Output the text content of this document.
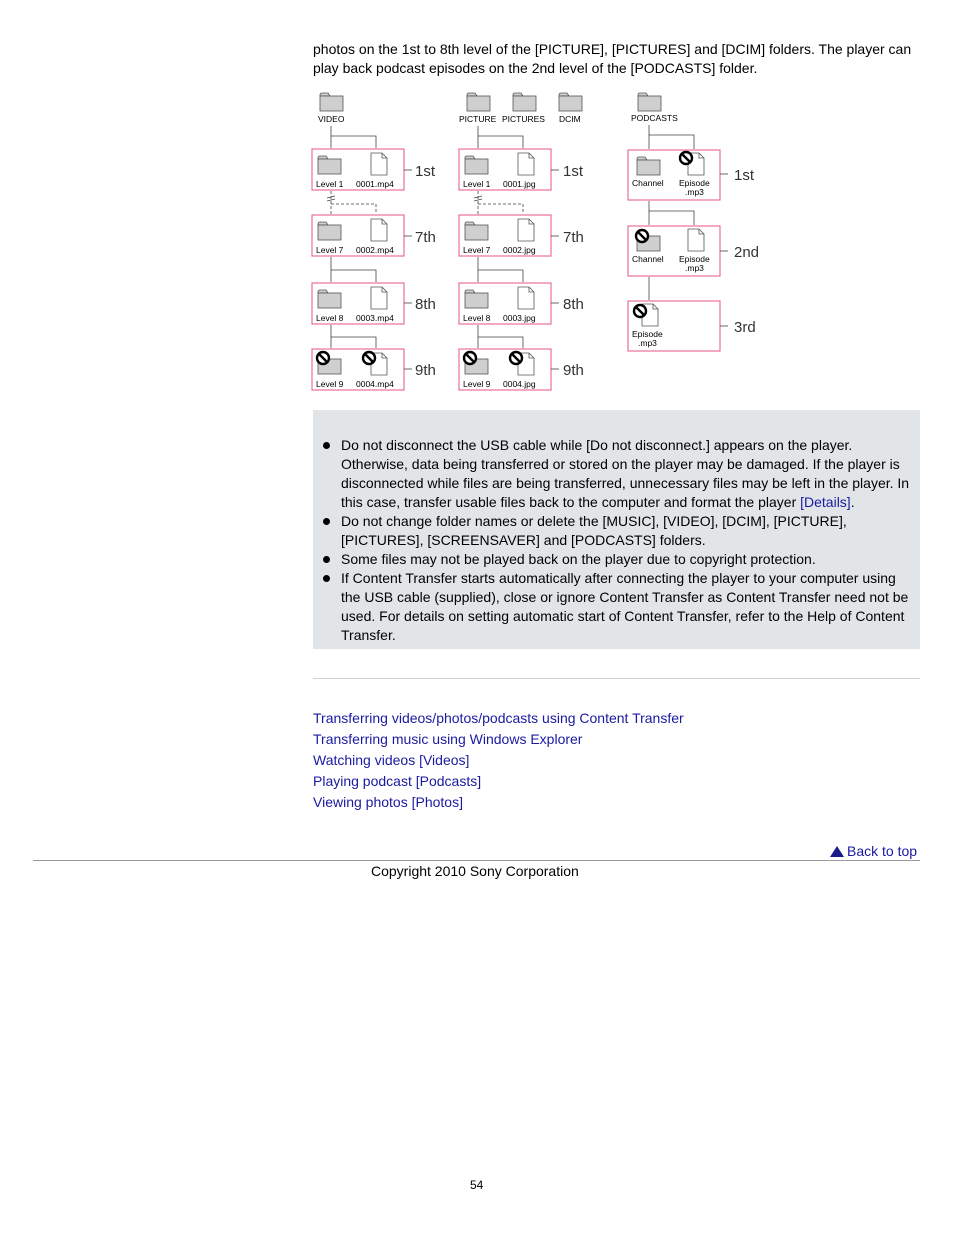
photos on the 1st to 8th level of the [PICTURE], [PICTURES] and [DCIM] folders. The player can play back podcast episodes on the 2nd level of the [PODCASTS] folder.

VIDEO
Level 1 0001.mp4
1st
Level 7 0002.mp4
7th
Level 8 0003.mp4
8th
Level 9 0004.mp4
9th
PICTURE PICTURES DCIM
Level 1 0001.jpg
1st
Level 7 0002.jpg
7th
Level 8 0003.jpg
8th
Level 9 0004.jpg
9th
PODCASTS
Channel Episode
.mp3
1st
Channel Episode
.mp3
2nd
Episode
.mp3
3rd
Do not disconnect the USB cable while [Do not disconnect.] appears on the player. Otherwise, data being transferred or stored on the player may be damaged. If the player is disconnected while files are being transferred, unnecessary files may be left in the player. In this case, transfer usable files back to the computer and format the player [Details].
Do not change folder names or delete the [MUSIC], [VIDEO], [DCIM], [PICTURE], [PICTURES], [SCREENSAVER] and [PODCASTS] folders.
Some files may not be played back on the player due to copyright protection.
If Content Transfer starts automatically after connecting the player to your computer using the USB cable (supplied), close or ignore Content Transfer as Content Transfer need not be used. For details on setting automatic start of Content Transfer, refer to the Help of Content Transfer.
Transferring videos/photos/podcasts using Content Transfer
Transferring music using Windows Explorer
Watching videos [Videos]
Playing podcast [Podcasts]
Viewing photos [Photos]
Back to top
Copyright 2010 Sony Corporation
54
